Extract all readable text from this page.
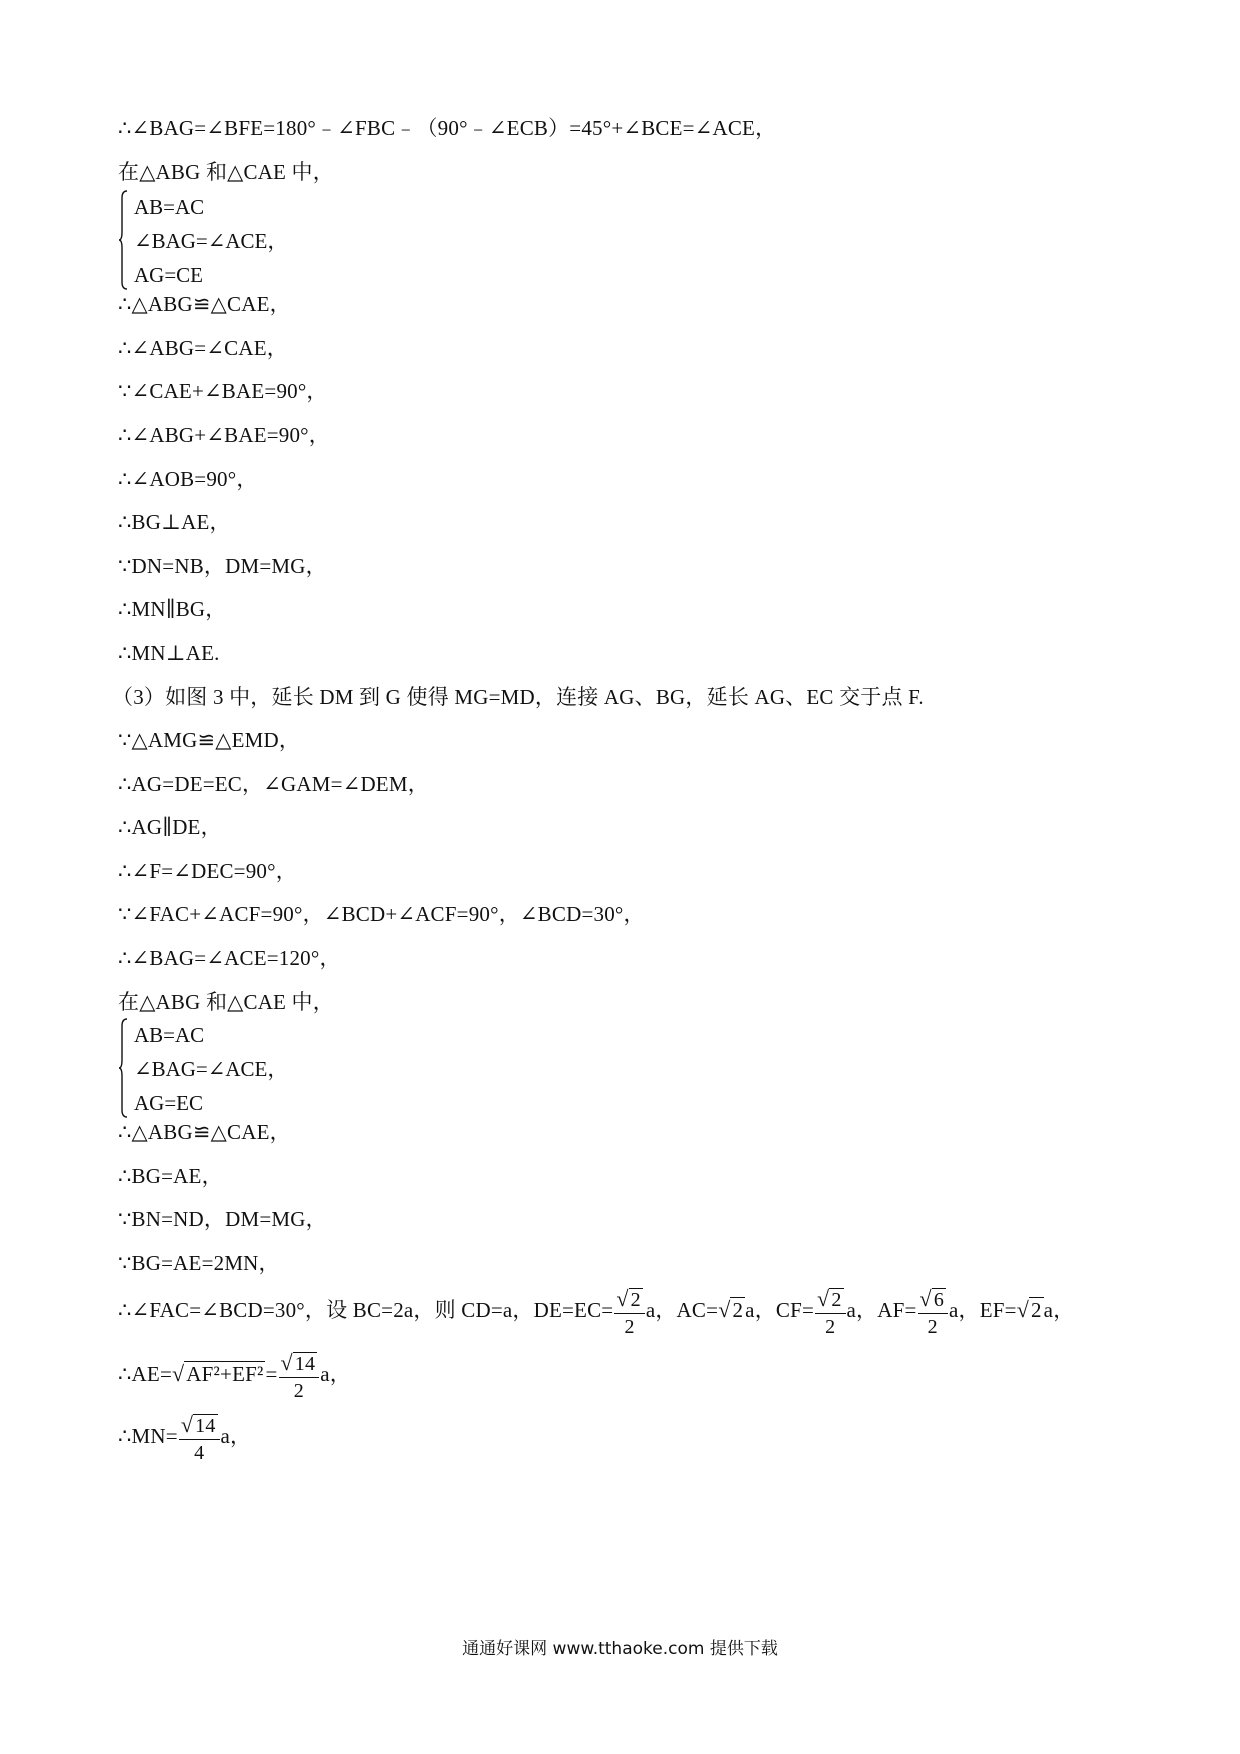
∴∠BAG=∠BFE=180°﹣∠FBC﹣（90°﹣∠ECB）=45°+∠BCE=∠ACE，
在△ABG 和△CAE 中，
AB=AC
∠BAG=∠ACE，
AG=CE
∴△ABG≌△CAE，
∴∠ABG=∠CAE，
∵∠CAE+∠BAE=90°，
∴∠ABG+∠BAE=90°，
∴∠AOB=90°，
∴BG⊥AE，
∵DN=NB，DM=MG，
∴MN∥BG，
∴MN⊥AE.
（3）如图 3 中，延长 DM 到 G 使得 MG=MD，连接 AG、BG，延长 AG、EC 交于点 F.
∵△AMG≌△EMD，
∴AG=DE=EC，∠GAM=∠DEM，
∴AG∥DE，
∴∠F=∠DEC=90°，
∵∠FAC+∠ACF=90°，∠BCD+∠ACF=90°，∠BCD=30°，
∴∠BAG=∠ACE=120°，
在△ABG 和△CAE 中，
AB=AC
∠BAG=∠ACE，
AG=EC
∴△ABG≌△CAE，
∴BG=AE，
∵BN=ND，DM=MG，
∵BG=AE=2MN，
∴∠FAC=∠BCD=30°，设 BC=2a，则 CD=a，$DE=EC= \frac{√ 2}{2}$ a，AC=√2a，$CF= \frac{√ 2}{2}$ a，$AF= \frac{√ 6}{2}$ a，EF=√2a，
∴AE=√AF²+EF²= $\frac{√ 14}{2}$ a，
∴MN= $\frac{√ 14}{4}$ a，
通通好课网 www.tthaoke.com 提供下载
